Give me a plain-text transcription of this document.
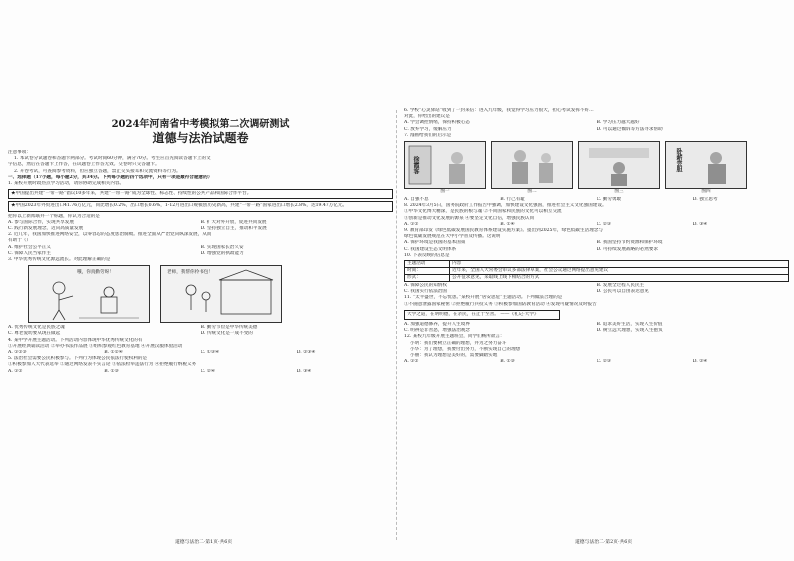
2024年河南省中考模拟第二次调研测试
道德与法治试题卷
注意事项：
1. 本试卷分试题卷和答题卡两部分。考试时间60分钟，满分70分。考生应首先阅读答题卡上的文
字信息，然后在答题卡上作答，在试题卷上作答无效。交卷时只交答题卡。
2. 开卷考试，可查阅参考资料，但应独立答题，禁止交头接耳和交流资料等行为。
一、选择题（17小题，每小题2分，共34分。下列每小题的四个选项中，只有一项是最符合题意的）
1. 某校开展时政热点学习活动，请你协助完成相关内容。
★中国提出共建“一带一路”倡议10多年来，共建“一带一路”成为全球性、标志性、持续性的公共产品和国际合作平台。
★中国2023年外贸进出口41.76万亿元，同比增长0.2%，出口增长0.6%，1-12月进出口规模创历史新高，共建“一带一路”国家进出口增长2.8%，达19.47万亿元。
把你以上新闻联并一个标题，你认为合适的是
A. 参与国际合作，实现共享发展	B. 扩大对外开放，促进共同发展
C. 践行新发展理念，迈向高质量发展	D. 坚持独立自主，推动和平发展
2. 近几年，我国加快推进网络安全，以零容忍的态度惩治腐败。推进全面从严治党向纵深发展，从而
有助于（）
A. 维护社会公平正义	B. 实现国家长治久安
C. 保障人民当家作主	D. 增强党的执政能力
3. 中华优秀传统文化源远流长。对此理解正确的是
哦，你真勤劳呀！	老师，我帮你拎书包！
A. 优秀传统文化是民族之魂	B. 勤劳节俭是中华传统美德
C. 尊老爱幼要从现在做起	D. 传统文化是一成不变的
4. 某中学开展主题活动。下列活动内容体现中华优秀传统文化的有
①开展经典诵读活动 ②举办书法作品展 ③组织参观红色教育基地 ④开展汉服体验活动
A. ①②③	B. ①②④	C. ①③④	D. ②③④
5. 法治社会需要公民积极参与。下列行为体现公民依法行使权利的是
①积极参加人大代表选举 ②通过网络发表不实言论 ③依法检举违法行为 ④拒绝履行纳税义务
A. ①②	B. ①③	C. ②④	D. ③④
道德与法治二·第1页·共6页
6. 学校“心灵驿站”收到了一封来信：进入九年级，我觉得学习压力很大，担心考试发挥不好…
对此，你给出的建议是
A. 学会调控情绪，保持积极心态	B. 学习压力越大越好
C. 放弃学习，缓解压力	D. 可以通过倾诉等方法寻求帮助
7. 漫画给我们的启示是
徐霞客
图一	图二	图三
卧薪尝胆
图四
A. 自强不息	B. 行己有耻	C. 勤劳勇敢	D. 独立思考
8. 2024年3月5日，国务院政府工作报告中强调，加快建设文化强国，推进社会主义文化强国建设。
①中华文化博大精深，是民族的根与魂 ②不同国家和民族的文化可以相互交流
③创新是推动文化发展的源泉 ④要坚定文化自信，增强民族认同
A. ①②	B. ①④	C. ②③	D. ③④
9. 教育部印发《绿色低碳发展国民教育体系建设实施方案》。提出到2025年，绿色低碳生活理念与
绿色低碳发展规范在大中小学普及传播。这说明
A. 保护环境是我国的基本国策	B. 我国坚持节约资源和保护环境
C. 我国建设生态文明体系	D. 可持续发展战略的必然要求
10. 下表反映的信息是
主题活动	内容
时间：	近年来，全国人大常委会审议多部法律草案，社会公众通过网络提出意见建议
形式：	公开征求意见，采取线上线下相结合的方式
A. 保障公民的知情权	B. 发展全过程人民民主
C. 我国实行依法治国	D. 公民可以自由表达意见
11. “太平盛世，不忘忧患。”某校开展“居安思危”主题活动。下列做法合理的是
①不随意泄露国家秘密 ②拒绝履行兵役义务 ③积极参加国防教育活动 ④发现可疑情况及时报告
大学之道，在明明德，在亲民，在止于至善。 ——《礼记·大学》
A. 加强道德修养，提升人生境界	B. 追求美好生活，实现人生价值
C. 明辨是非善恶，增强法治观念	D. 树立远大理想，实现人生抱负
12. 某校九年级开展主题班会，同学们畅所欲言：
小明：我们要树立正确的理想，并为之努力奋斗
小华：为了理想，我要付出努力，不断实现自己的理想
小丽：我认为理想是美好的，需要脚踏实地
A. ①②	B. ①③	C. ②③	D. ②④
道德与法治二·第2页·共6页
